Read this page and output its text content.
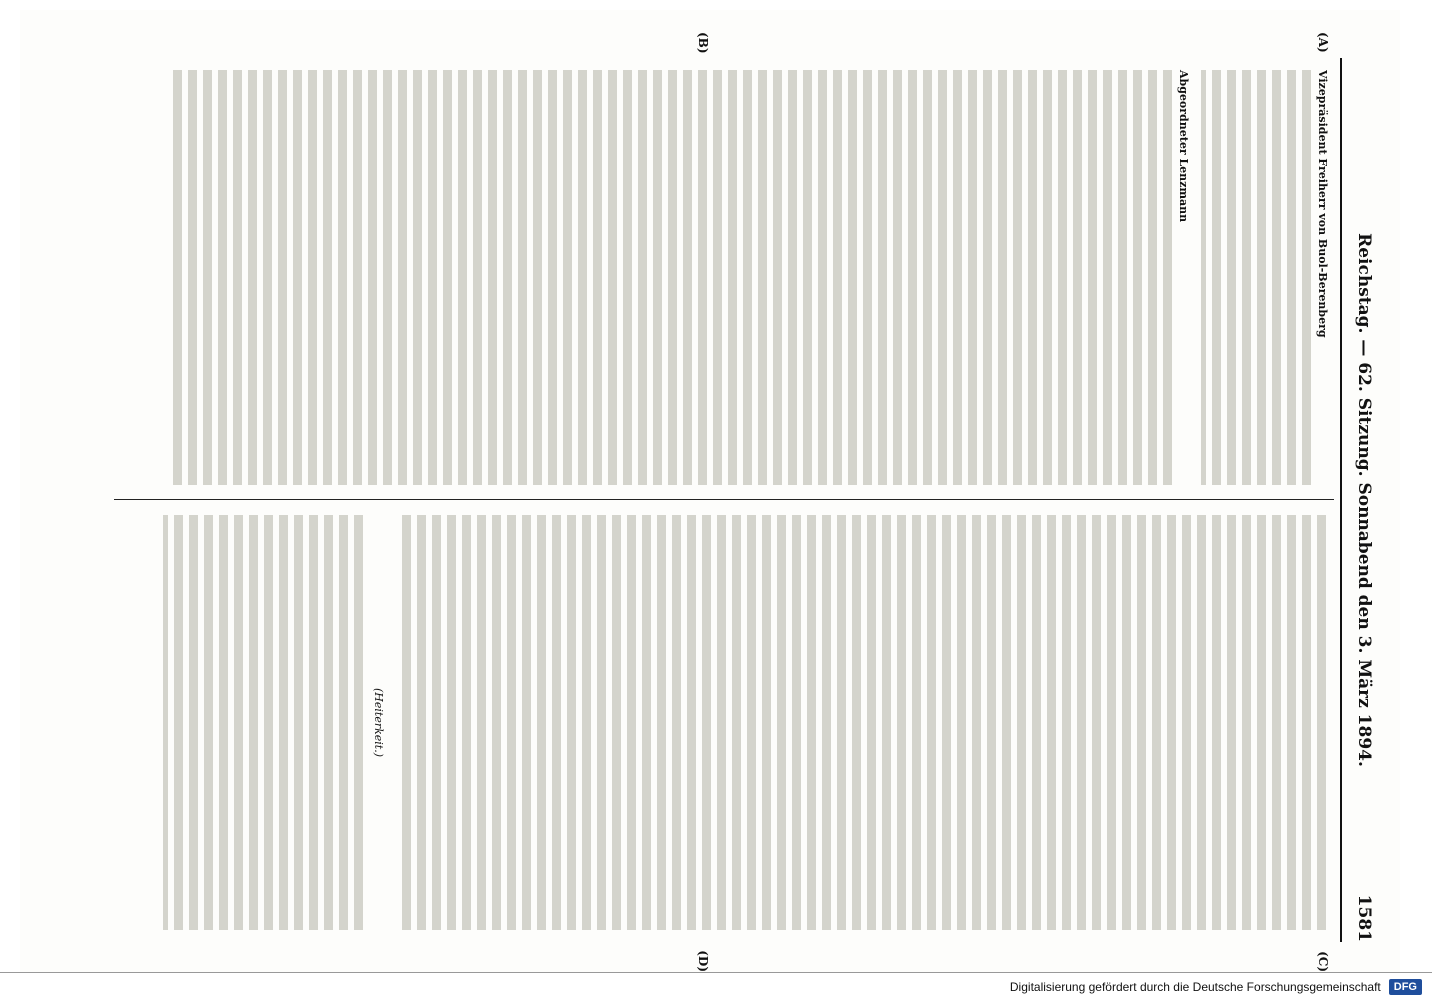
Reichstag. — 62. Sitzung. Sonnabend den 3. März 1894.
1581
Vizepräsident Freiherr von Buol-Berenberg
Abgeordneter Lenzmann
(Heiterkeit.)
(A)
(B)
(C)
(D)
Digitalisierung gefördert durch die Deutsche Forschungsgemeinschaft	DFG
